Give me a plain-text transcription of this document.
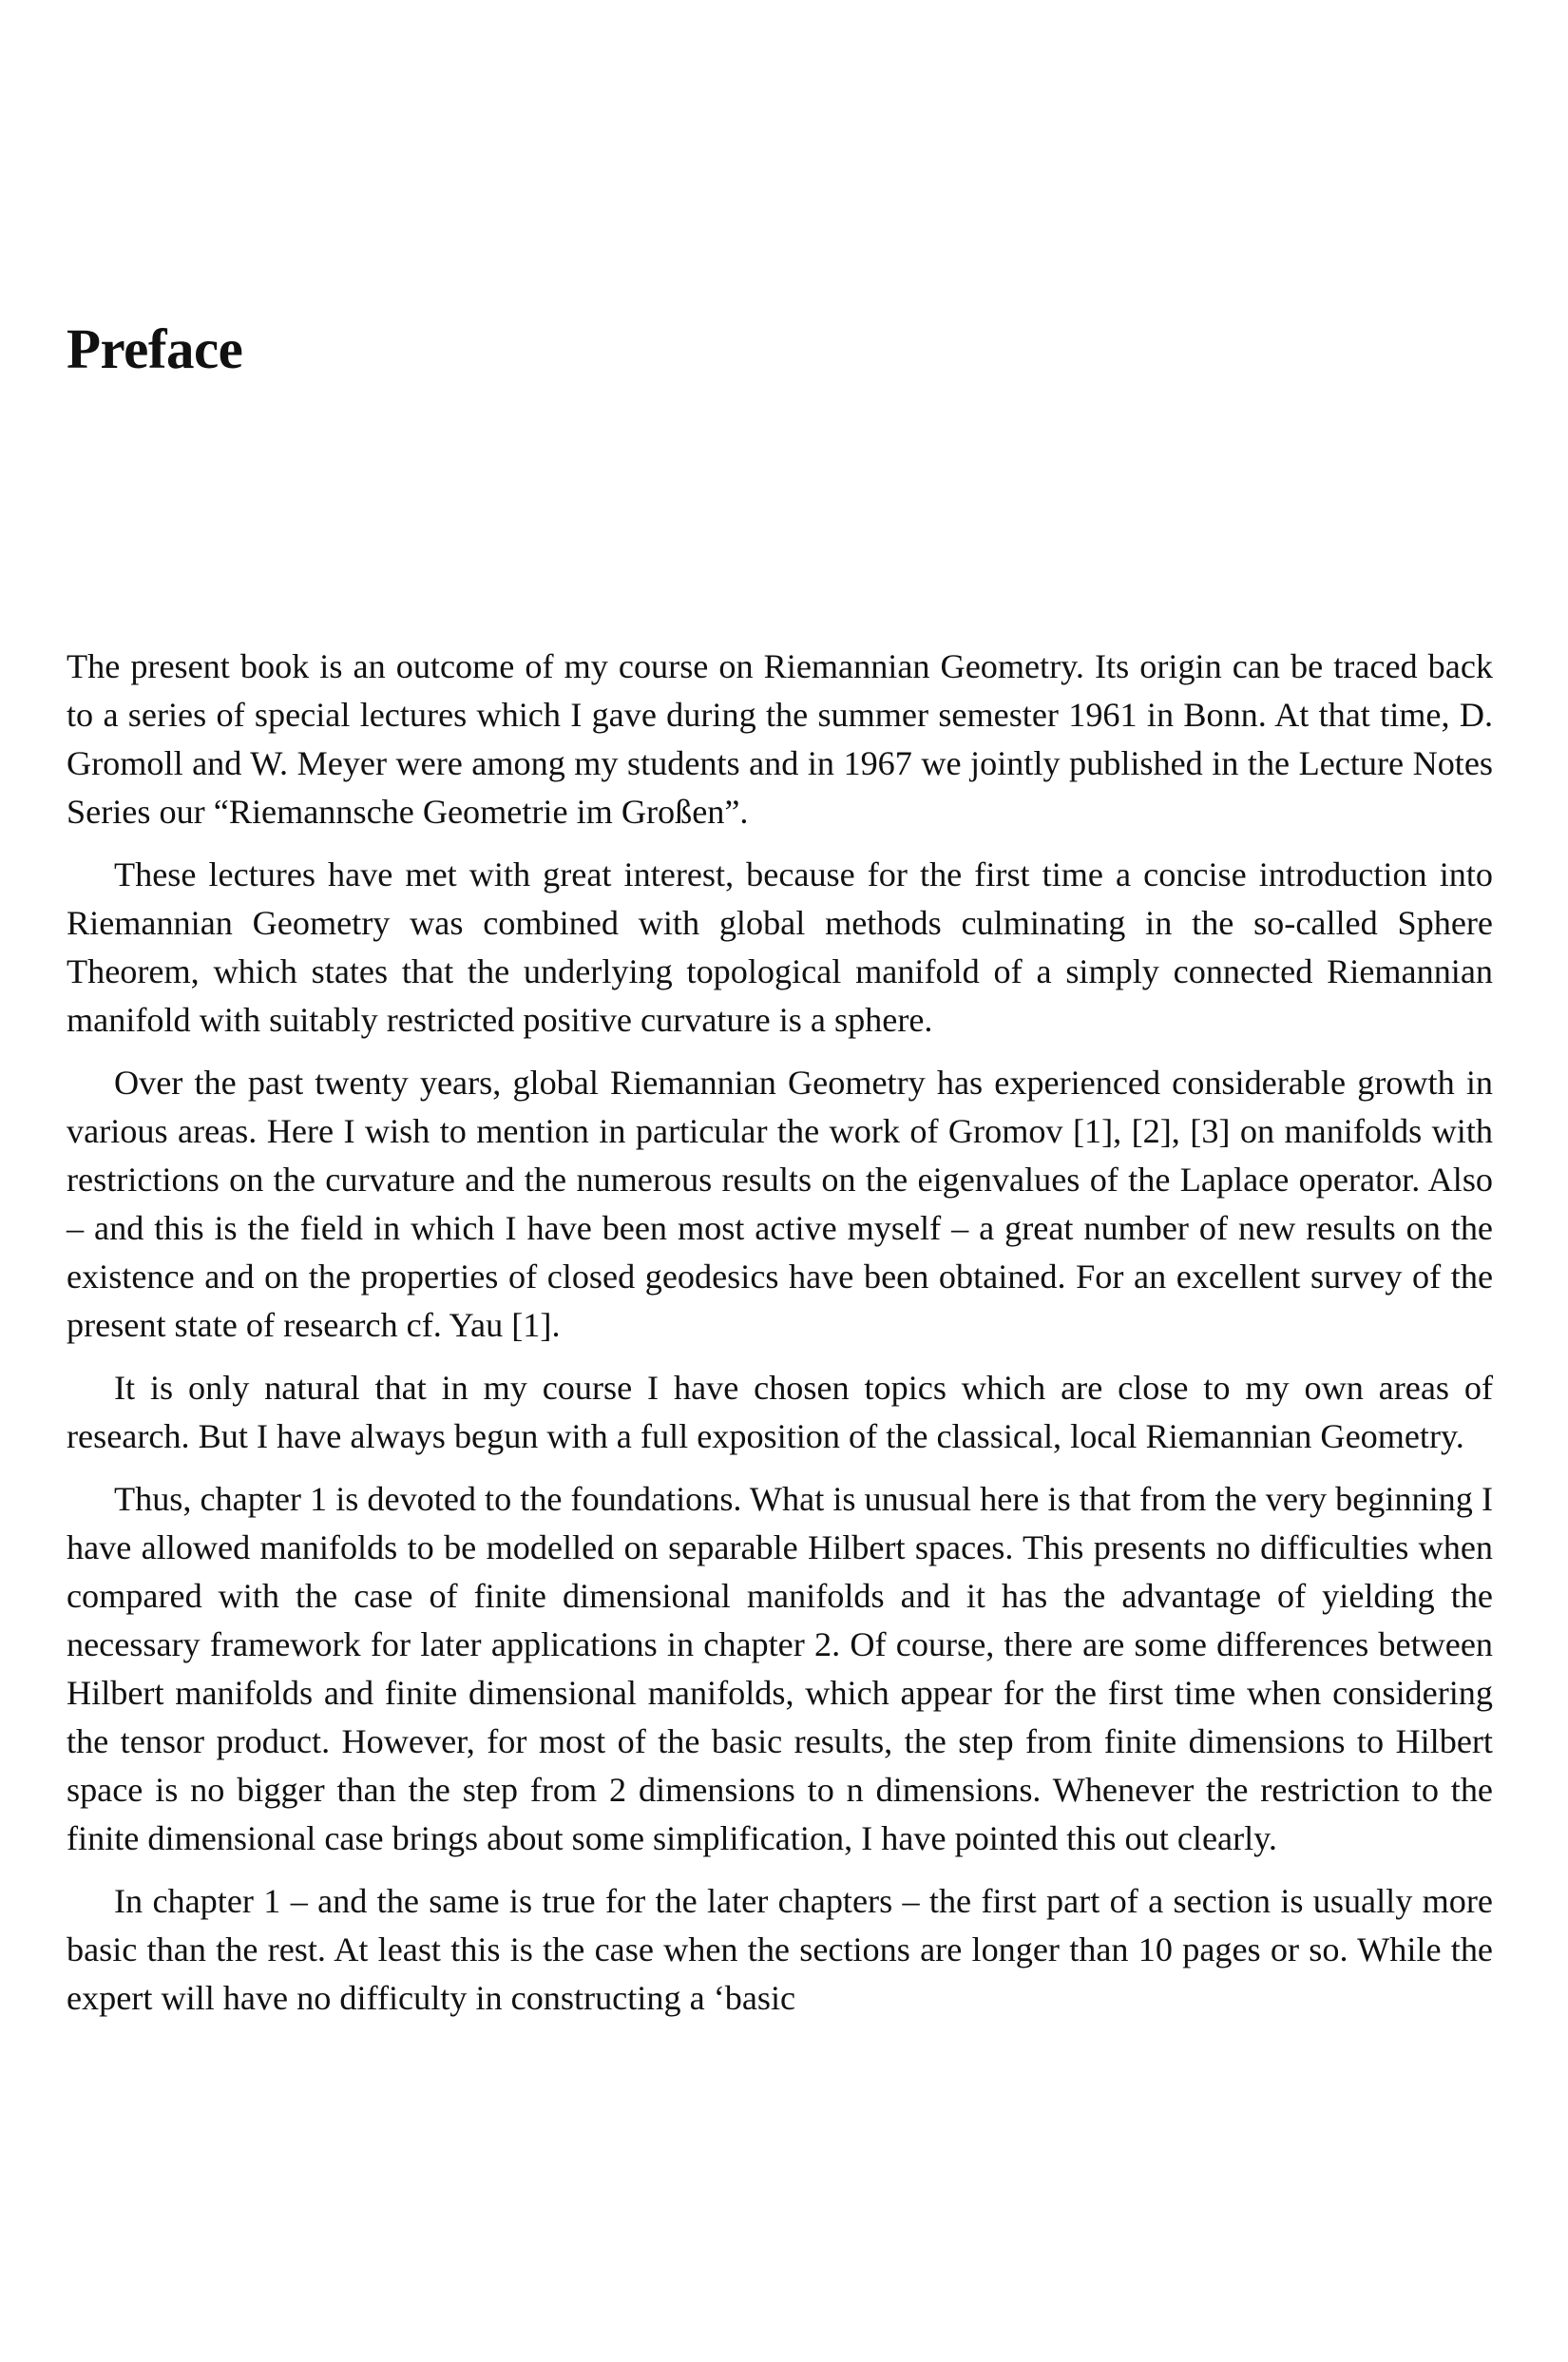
Preface

The present book is an outcome of my course on Riemannian Geometry. Its origin can be traced back to a series of special lectures which I gave during the summer semester 1961 in Bonn. At that time, D. Gromoll and W. Meyer were among my students and in 1967 we jointly published in the Lecture Notes Series our “Riemannsche Geometrie im Großen”.

These lectures have met with great interest, because for the first time a concise introduction into Riemannian Geometry was combined with global methods culminating in the so-called Sphere Theorem, which states that the underlying topological manifold of a simply connected Riemannian manifold with suitably restricted positive curvature is a sphere.

Over the past twenty years, global Riemannian Geometry has experienced considerable growth in various areas. Here I wish to mention in particular the work of Gromov [1], [2], [3] on manifolds with restrictions on the curvature and the numerous results on the eigenvalues of the Laplace operator. Also – and this is the field in which I have been most active myself – a great number of new results on the existence and on the properties of closed geodesics have been obtained. For an excellent survey of the present state of research cf. Yau [1].

It is only natural that in my course I have chosen topics which are close to my own areas of research. But I have always begun with a full exposition of the classical, local Riemannian Geometry.

Thus, chapter 1 is devoted to the foundations. What is unusual here is that from the very beginning I have allowed manifolds to be modelled on separable Hilbert spaces. This presents no difficulties when compared with the case of finite dimensional manifolds and it has the advantage of yielding the necessary framework for later applications in chapter 2. Of course, there are some differences between Hilbert manifolds and finite dimensional manifolds, which appear for the first time when considering the tensor product. However, for most of the basic results, the step from finite dimensions to Hilbert space is no bigger than the step from 2 dimensions to n dimensions. Whenever the restriction to the finite dimensional case brings about some simplification, I have pointed this out clearly.

In chapter 1 – and the same is true for the later chapters – the first part of a section is usually more basic than the rest. At least this is the case when the sections are longer than 10 pages or so. While the expert will have no difficulty in constructing a ‘basic
